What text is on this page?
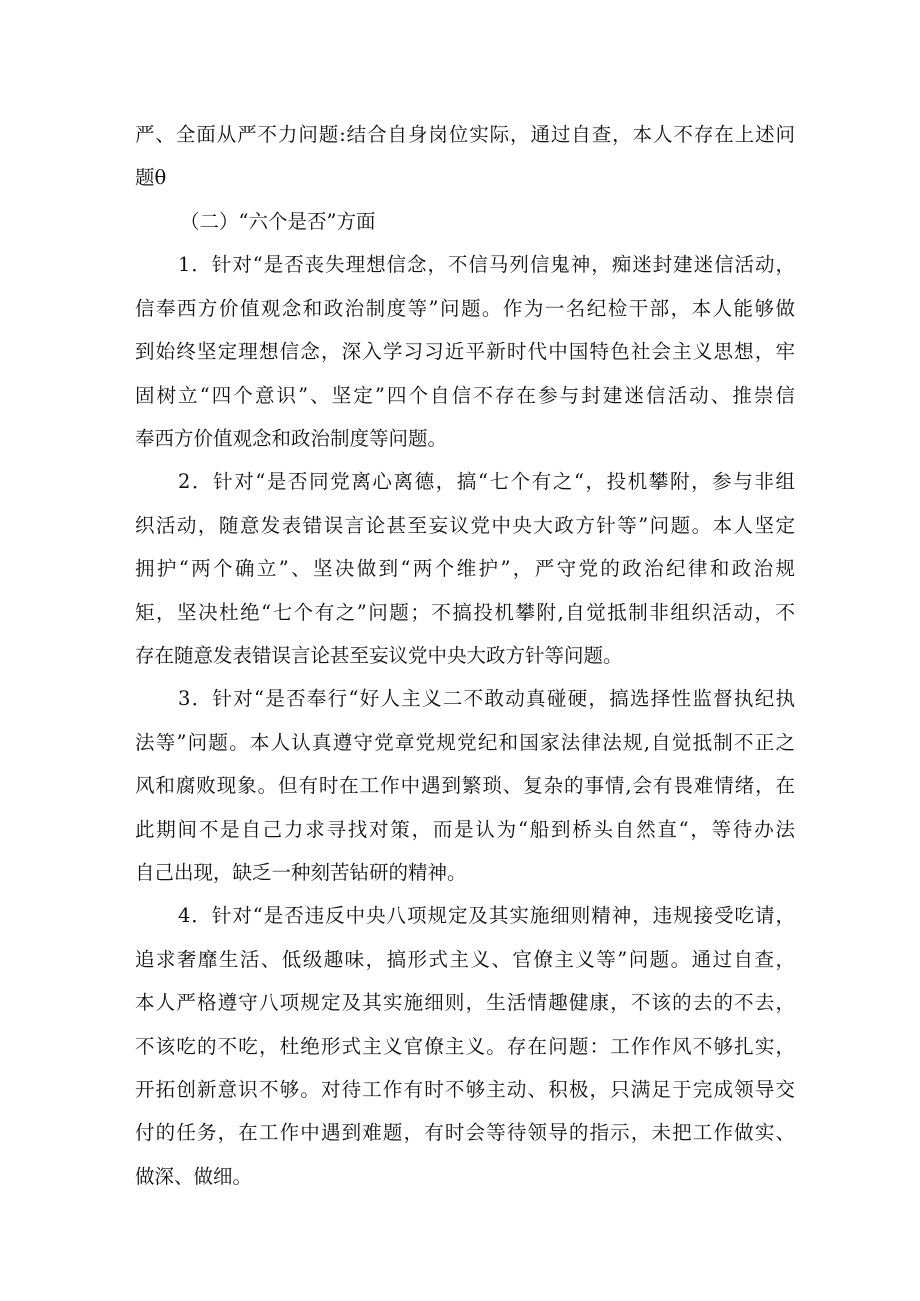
严、全面从严不力问题:结合自身岗位实际，通过自查，本人不存在上述问
题θ
（二）“六个是否”方面
1．针对“是否丧失理想信念，不信马列信鬼神，痴迷封建迷信活动，
信奉西方价值观念和政治制度等”问题。作为一名纪检干部，本人能够做
到始终坚定理想信念，深入学习习近平新时代中国特色社会主义思想，牢
固树立“四个意识”、坚定”四个自信不存在参与封建迷信活动、推崇信
奉西方价值观念和政治制度等问题。
2．针对“是否同党离心离德，搞“七个有之“，投机攀附，参与非组
织活动，随意发表错误言论甚至妄议党中央大政方针等”问题。本人坚定
拥护“两个确立”、坚决做到“两个维护”，严守党的政治纪律和政治规
矩，坚决杜绝“七个有之”问题；不搞投机攀附,自觉抵制非组织活动，不
存在随意发表错误言论甚至妄议党中央大政方针等问题。
3．针对“是否奉行“好人主义二不敢动真碰硬，搞选择性监督执纪执
法等”问题。本人认真遵守党章党规党纪和国家法律法规,自觉抵制不正之
风和腐败现象。但有时在工作中遇到繁琐、复杂的事情,会有畏难情绪，在
此期间不是自己力求寻找对策，而是认为“船到桥头自然直“，等待办法
自己出现，缺乏一种刻苦钻研的精神。
4．针对“是否违反中央八项规定及其实施细则精神，违规接受吃请，
追求奢靡生活、低级趣味，搞形式主义、官僚主义等”问题。通过自查，
本人严格遵守八项规定及其实施细则，生活情趣健康，不该的去的不去，
不该吃的不吃，杜绝形式主义官僚主义。存在问题：工作作风不够扎实，
开拓创新意识不够。对待工作有时不够主动、积极，只满足于完成领导交
付的任务，在工作中遇到难题，有时会等待领导的指示，未把工作做实、
做深、做细。
